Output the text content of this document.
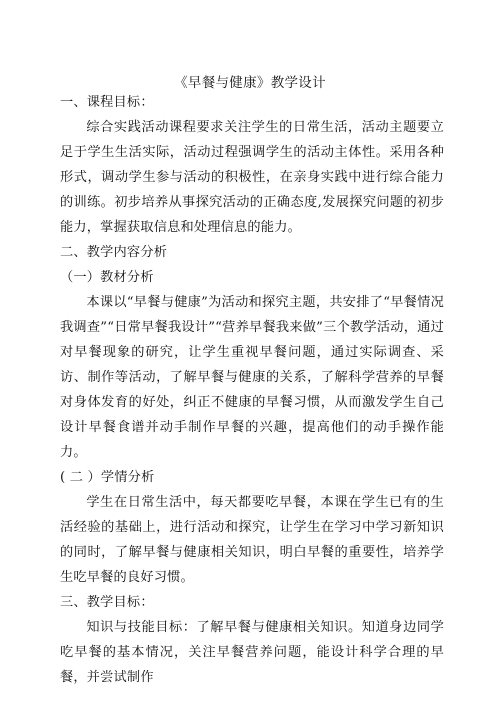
《早餐与健康》教学设计

一、课程目标：

综合实践活动课程要求关注学生的日常生活，活动主题要立足于学生生活实际，活动过程强调学生的活动主体性。采用各种形式，调动学生参与活动的积极性，在亲身实践中进行综合能力的训练。初步培养从事探究活动的正确态度,发展探究问题的初步能力，掌握获取信息和处理信息的能力。

二、教学内容分析

（一）教材分析

本课以“早餐与健康”为活动和探究主题，共安排了“早餐情况我调查”“日常早餐我设计”“营养早餐我来做”三个教学活动，通过对早餐现象的研究，让学生重视早餐问题，通过实际调查、采访、制作等活动，了解早餐与健康的关系，了解科学营养的早餐对身体发育的好处，纠正不健康的早餐习惯，从而激发学生自己设计早餐食谱并动手制作早餐的兴趣，提高他们的动手操作能力。

( 二 ）学情分析

学生在日常生活中，每天都要吃早餐，本课在学生已有的生活经验的基础上，进行活动和探究，让学生在学习中学习新知识的同时，了解早餐与健康相关知识，明白早餐的重要性，培养学生吃早餐的良好习惯。

三、教学目标：

知识与技能目标：了解早餐与健康相关知识。知道身边同学吃早餐的基本情况，关注早餐营养问题，能设计科学合理的早餐，并尝试制作
